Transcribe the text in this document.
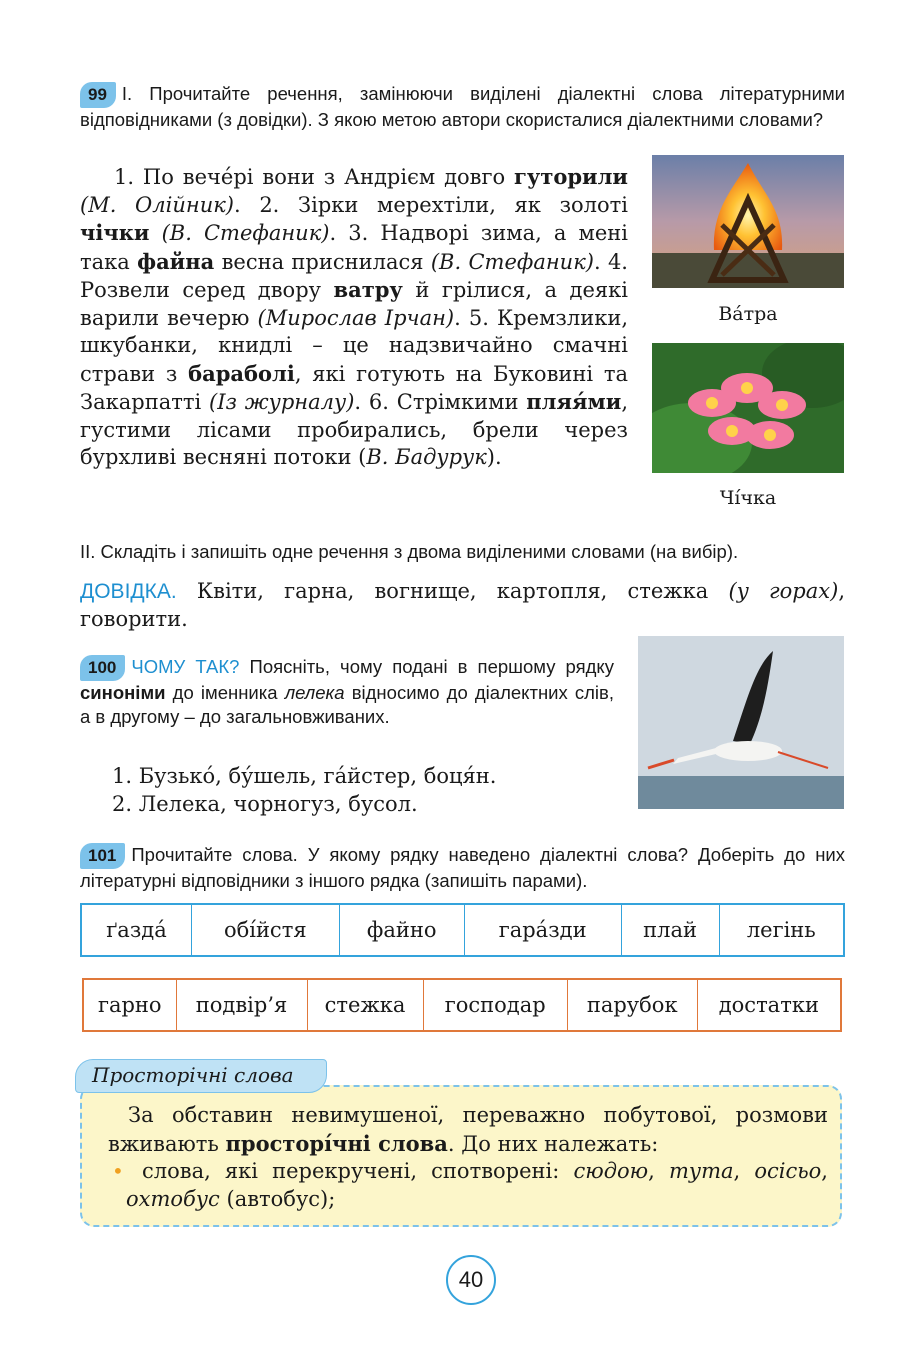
99 I. Прочитайте речення, замінюючи виділені діалектні слова літературними відповідниками (з довідки). З якою метою автори скористалися діалектними словами?
1. По вече́рі вони з Андрієм довго гуторили (М. Олійник). 2. Зірки мерехтіли, як золоті чічки (В. Стефаник). 3. Надворі зима, а мені така файна весна приснилася (В. Стефаник). 4. Розвели серед двору ватру й грілися, а деякі варили вечерю (Мирослав Ірчан). 5. Кремзлики, шкубанки, книдлі – це надзвичайно смачні страви з бараболі, які готують на Буковині та Закарпатті (Із журналу). 6. Стрімкими пляя́ми, густими лісами пробирались, брели через бурхливі весняні потоки (В. Бадурук).
Ва́тра
Чі́чка
II. Складіть і запишіть одне речення з двома виділеними словами (на вибір).
ДОВІДКА. Квіти, гарна, вогнище, картопля, стежка (у горах), говорити.
100 ЧОМУ ТАК? Поясніть, чому подані в першому рядку синоніми до іменника лелека відносимо до діалектних слів, а в другому – до загальновживаних.
1. Бузько́, бу́шель, га́йстер, боця́н.
2. Лелека, чорногуз, бусол.
101 Прочитайте слова. У якому рядку наведено діалектні слова? Доберіть до них літературні відповідники з іншого рядка (запишіть парами).
ґазда́	обі́йстя	файно	гара́зди	плай	легінь
гарно	подвір’я	стежка	господар	парубок	достатки
Просторічні слова
За обставин невимушеної, переважно побутової, розмови вживають просторі́чні слова. До них належать:
• слова, які перекручені, спотворені: сюдою, тута, осісьо, охтобус (автобус);
40
